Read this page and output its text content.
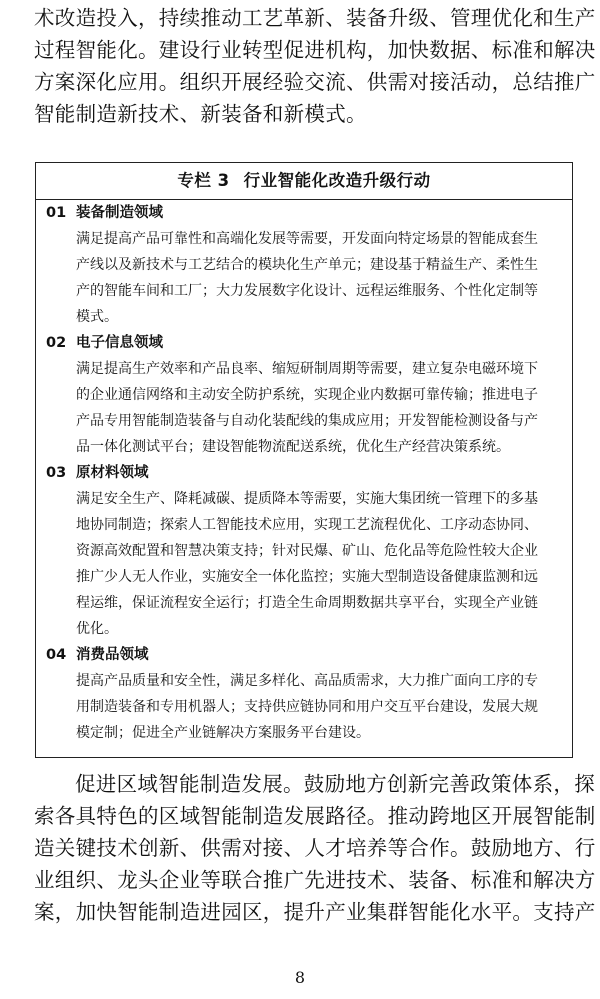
术改造投入，持续推动工艺革新、装备升级、管理优化和生产
过程智能化。建设行业转型促进机构，加快数据、标准和解决
方案深化应用。组织开展经验交流、供需对接活动，总结推广
智能制造新技术、新装备和新模式。
专栏 3 行业智能化改造升级行动
01 装备制造领域
满足提高产品可靠性和高端化发展等需要，开发面向特定场景的智能成套生
产线以及新技术与工艺结合的模块化生产单元；建设基于精益生产、柔性生
产的智能车间和工厂；大力发展数字化设计、远程运维服务、个性化定制等
模式。
02 电子信息领域
满足提高生产效率和产品良率、缩短研制周期等需要，建立复杂电磁环境下
的企业通信网络和主动安全防护系统，实现企业内数据可靠传输；推进电子
产品专用智能制造装备与自动化装配线的集成应用；开发智能检测设备与产
品一体化测试平台；建设智能物流配送系统，优化生产经营决策系统。
03 原材料领域
满足安全生产、降耗减碳、提质降本等需要，实施大集团统一管理下的多基
地协同制造；探索人工智能技术应用，实现工艺流程优化、工序动态协同、
资源高效配置和智慧决策支持；针对民爆、矿山、危化品等危险性较大企业
推广少人无人作业，实施安全一体化监控；实施大型制造设备健康监测和远
程运维，保证流程安全运行；打造全生命周期数据共享平台，实现全产业链
优化。
04 消费品领域
提高产品质量和安全性，满足多样化、高品质需求，大力推广面向工序的专
用制造装备和专用机器人；支持供应链协同和用户交互平台建设，发展大规
模定制；促进全产业链解决方案服务平台建设。
促进区域智能制造发展。鼓励地方创新完善政策体系，探
索各具特色的区域智能制造发展路径。推动跨地区开展智能制
造关键技术创新、供需对接、人才培养等合作。鼓励地方、行
业组织、龙头企业等联合推广先进技术、装备、标准和解决方
案，加快智能制造进园区，提升产业集群智能化水平。支持产
8
